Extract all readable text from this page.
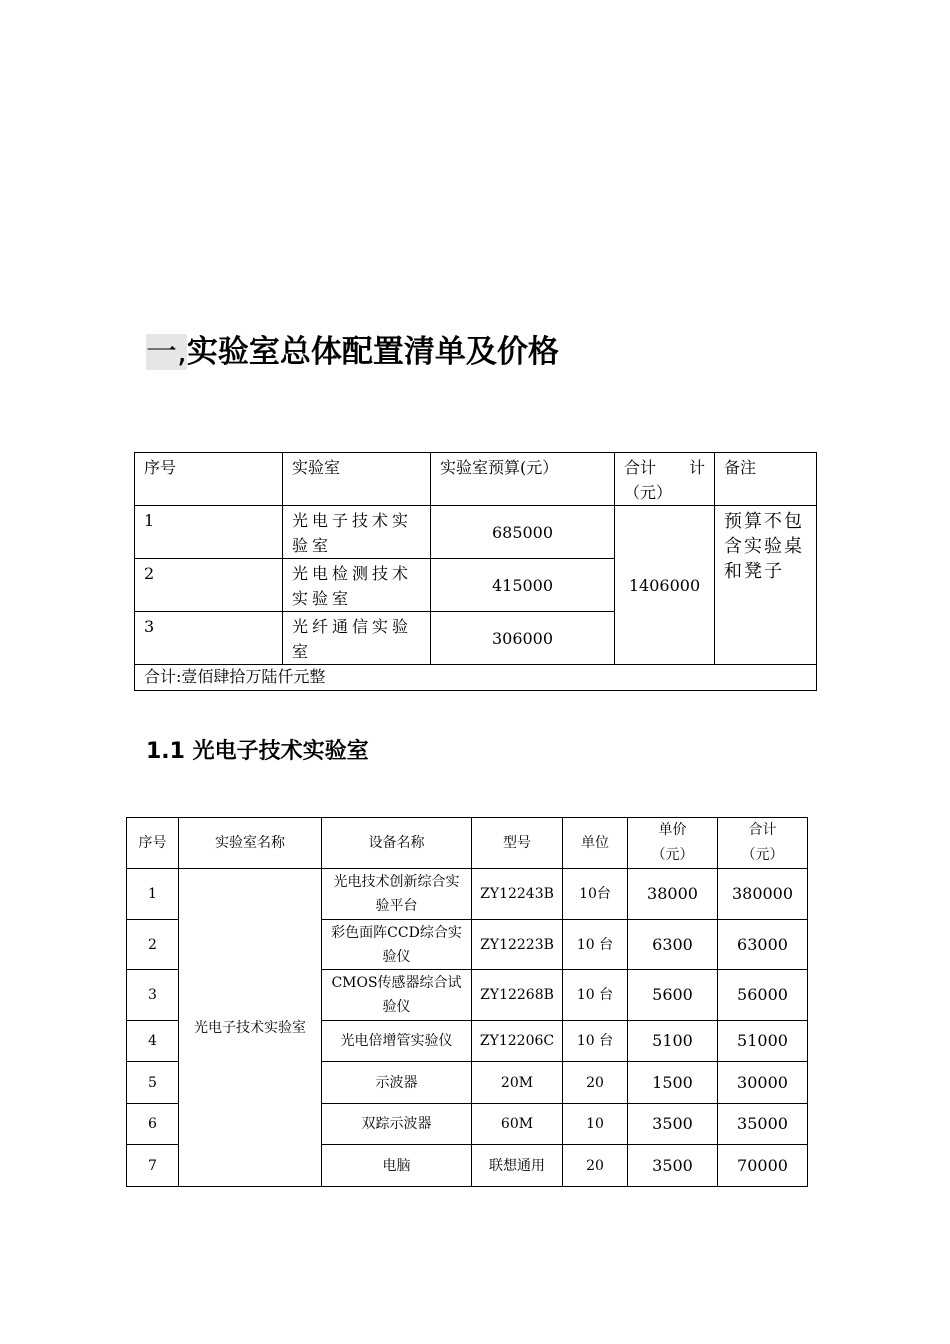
一,实验室总体配置清单及价格
序号	实验室	实验室预算(元）	合计 计
（元）	备注
1	光电子技术实验室	685000	1406000	预算不包含实验桌和凳子
2	光电检测技术实验室	415000		
3	光纤通信实验室	306000		
合计:壹佰肆拾万陆仟元整				
1.1 光电子技术实验室
序号	实验室名称	设备名称	型号	单位	单价（元）	合计（元）
1	光电子技术实验室	光电技术创新综合实验平台	ZY12243B	10台	38000	380000
2		彩色面阵CCD综合实验仪	ZY12223B	10 台	6300	63000
3		CMOS传感器综合试验仪	ZY12268B	10 台	5600	56000
4		光电倍增管实验仪	ZY12206C	10 台	5100	51000
5		示波器	20M	20	1500	30000
6		双踪示波器	60M	10	3500	35000
7		电脑	联想通用	20	3500	70000
